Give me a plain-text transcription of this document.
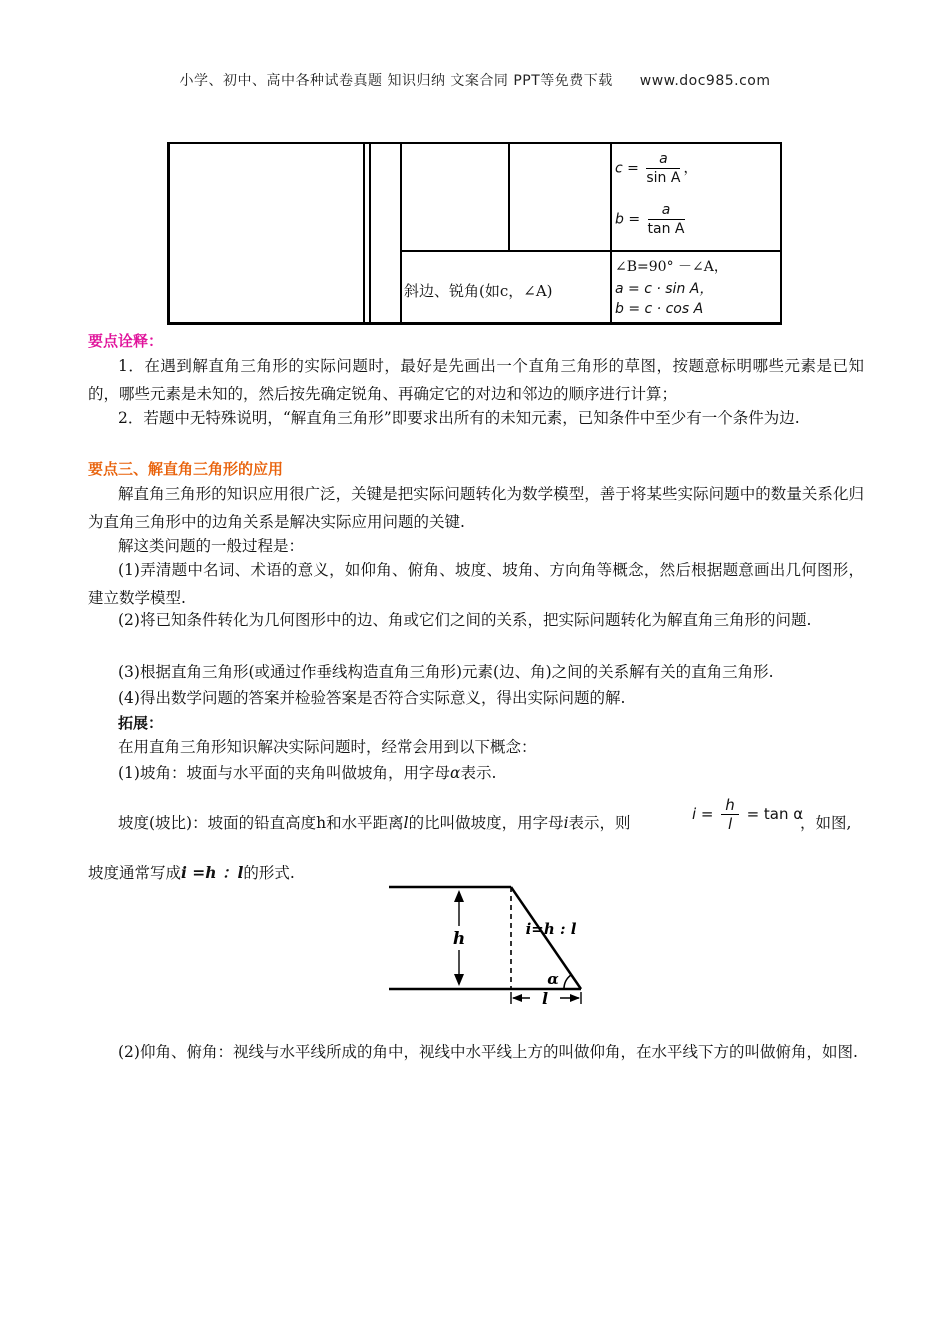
小学、初中、高中各种试卷真题 知识归纳 文案合同 PPT等免费下载 www.doc985.com
$c = \frac{a}{\text{sin A}}$ ，
$b = \frac{a}{\text{tan A}}$
斜边、锐角(如c，∠A)
∠B=90° －∠A，
a = c · sin A，
b = c · cos A
要点诠释：
1．在遇到解直角三角形的实际问题时，最好是先画出一个直角三角形的草图，按题意标明哪些元素是已知的，哪些元素是未知的，然后按先确定锐角、再确定它的对边和邻边的顺序进行计算；
2．若题中无特殊说明，“解直角三角形”即要求出所有的未知元素，已知条件中至少有一个条件为边.
要点三、解直角三角形的应用
解直角三角形的知识应用很广泛，关键是把实际问题转化为数学模型，善于将某些实际问题中的数量关系化归为直角三角形中的边角关系是解决实际应用问题的关键.
解这类问题的一般过程是：
(1)弄清题中名词、术语的意义，如仰角、俯角、坡度、坡角、方向角等概念，然后根据题意画出几何图形，建立数学模型.
(2)将已知条件转化为几何图形中的边、角或它们之间的关系，把实际问题转化为解直角三角形的问题.
(3)根据直角三角形(或通过作垂线构造直角三角形)元素(边、角)之间的关系解有关的直角三角形.
(4)得出数学问题的答案并检验答案是否符合实际意义，得出实际问题的解.
拓展：
在用直角三角形知识解决实际问题时，经常会用到以下概念：
(1)坡角：坡面与水平面的夹角叫做坡角，用字母α表示.
坡度(坡比)：坡面的铅直高度h和水平距离l的比叫做坡度，用字母i表示，则	$i = \frac{h}{l} = \tan \alpha$
，如图,
坡度通常写成i =h ：l的形式.
h	i=h : l
α
l
(2)仰角、俯角：视线与水平线所成的角中，视线中水平线上方的叫做仰角，在水平线下方的叫做俯角，如图.
